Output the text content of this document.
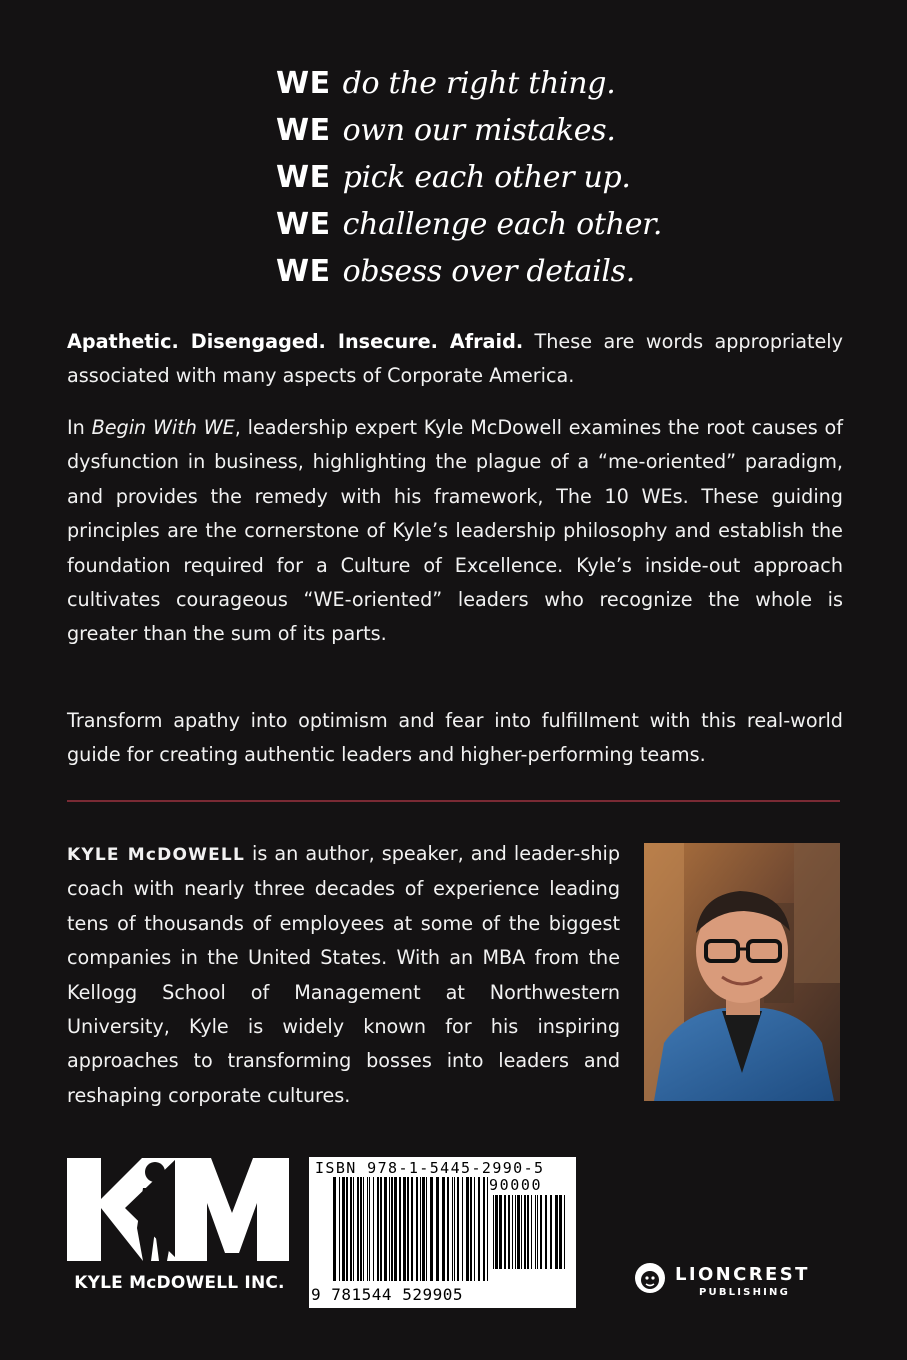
WE do the right thing.
WE own our mistakes.
WE pick each other up.
WE challenge each other.
WE obsess over details.

Apathetic. Disengaged. Insecure. Afraid. These are words appropriately associated with many aspects of Corporate America.

In Begin With WE, leadership expert Kyle McDowell examines the root causes of dysfunction in business, highlighting the plague of a “me-oriented” paradigm, and provides the remedy with his framework, The 10 WEs. These guiding principles are the cornerstone of Kyle’s leadership philosophy and establish the foundation required for a Culture of Excellence. Kyle’s inside-out approach cultivates courageous “WE-oriented” leaders who recognize the whole is greater than the sum of its parts.

Transform apathy into optimism and fear into fulfillment with this real-world guide for creating authentic leaders and higher-performing teams.

KYLE McDOWELL is an author, speaker, and leader-ship coach with nearly three decades of experience leading tens of thousands of employees at some of the biggest companies in the United States. With an MBA from the Kellogg School of Management at Northwestern University, Kyle is widely known for his inspiring approaches to transforming bosses into leaders and reshaping corporate cultures.

KYLE McDOWELL INC.
ISBN 978-1-5445-2990-5
90000
9 781544 529905
LIONCREST
PUBLISHING
